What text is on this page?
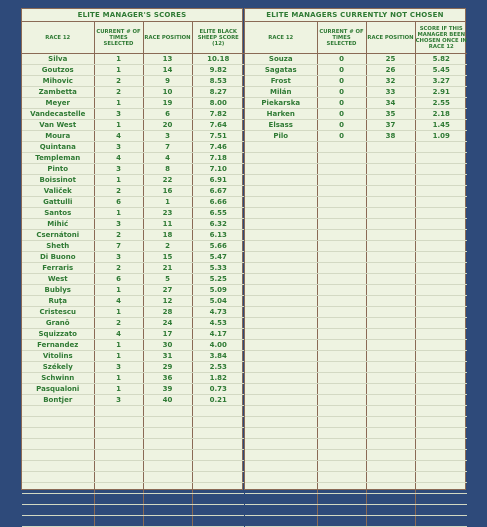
ELITE MANAGER'S SCORES
RACE 12	CURRENT # OF TIMES SELECTED	RACE POSITION	ELITE BLACK SHEEP SCORE (12)
Silva	1	13	10.18
Goutzos	1	14	9.82
Mihovic	2	9	8.53
Zambetta	2	10	8.27
Meyer	1	19	8.00
Vandecastelle	3	6	7.82
Van West	1	20	7.64
Moura	4	3	7.51
Quintana	3	7	7.46
Templeman	4	4	7.18
Pinto	3	8	7.10
Boissinot	1	22	6.91
Valiček	2	16	6.67
Gattulli	6	1	6.66
Santos	1	23	6.55
Mihić	3	11	6.32
Csernátoni	2	18	6.13
Sheth	7	2	5.66
Di Buono	3	15	5.47
Ferraris	2	21	5.33
West	6	5	5.25
Bublys	1	27	5.09
Ruța	4	12	5.04
Cristescu	1	28	4.73
Granō	2	24	4.53
Squizzato	4	17	4.17
Fernandez	1	30	4.00
Vitolins	1	31	3.84
Székely	3	29	2.53
Schwinn	1	36	1.82
Pasqualoni	1	39	0.73
Bontjer	3	40	0.21

ELITE MANAGERS CURRENTLY NOT CHOSEN
RACE 12	CURRENT # OF TIMES SELECTED	RACE POSITION	SCORE IF THIS MANAGER BEEN CHOSEN ONCE IN RACE 12
Souza	0	25	5.82
Sagatas	0	26	5.45
Frost	0	32	3.27
Milán	0	33	2.91
Piekarska	0	34	2.55
Harken	0	35	2.18
Elsass	0	37	1.45
Pilo	0	38	1.09
